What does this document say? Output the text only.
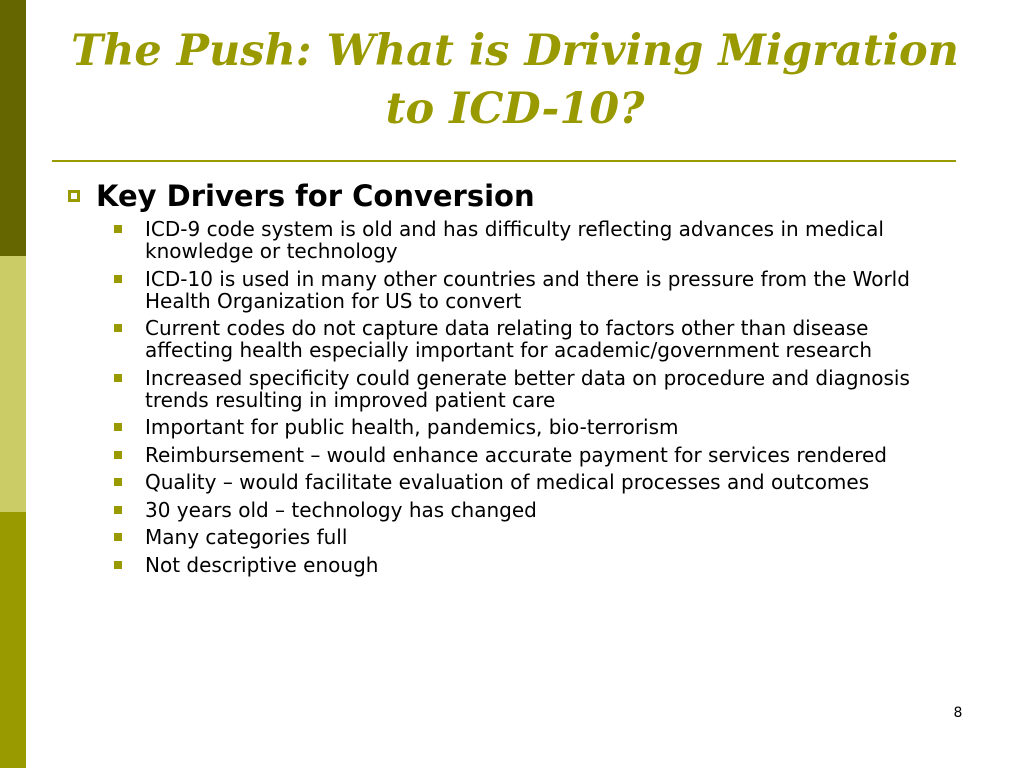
The Push: What is Driving Migration
to ICD-10?
Key Drivers for Conversion
ICD-9 code system is old and has difficulty reflecting advances in medical knowledge or technology
ICD-10 is used in many other countries and there is pressure from the World Health Organization for US to convert
Current codes do not capture data relating to factors other than disease affecting health especially important for academic/government research
Increased specificity could generate better data on procedure and diagnosis trends resulting in improved patient care
Important for public health, pandemics, bio-terrorism
Reimbursement – would enhance accurate payment for services rendered
Quality – would facilitate evaluation of medical processes and outcomes
30 years old – technology has changed
Many categories full
Not descriptive enough
8
